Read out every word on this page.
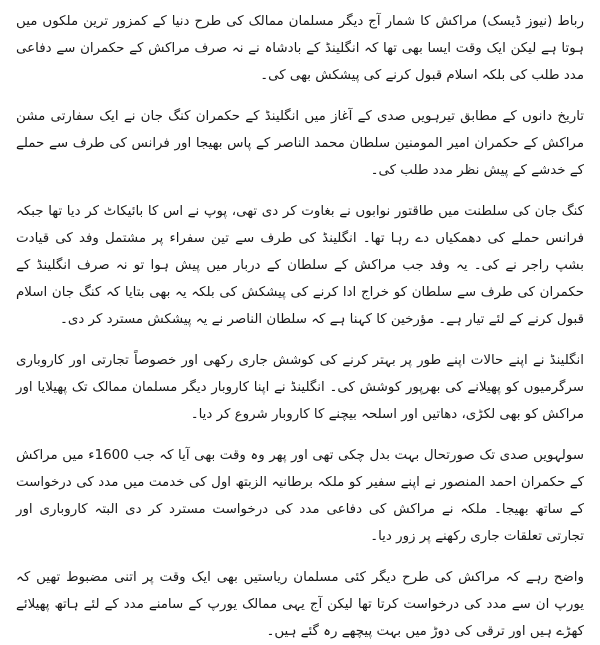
رباط (نیوز ڈیسک) مراکش کا شمار آج دیگر مسلمان ممالک کی طرح دنیا کے کمزور ترین ملکوں میں ہوتا ہے لیکن ایک وقت ایسا بھی تھا کہ انگلینڈ کے بادشاہ نے نہ صرف مراکش کے حکمران سے دفاعی مدد طلب کی بلکہ اسلام قبول کرنے کی پیشکش بھی کی۔

تاریخ دانوں کے مطابق تیرہویں صدی کے آغاز میں انگلینڈ کے حکمران کنگ جان نے ایک سفارتی مشن مراکش کے حکمران امیر المومنین سلطان محمد الناصر کے پاس بھیجا اور فرانس کی طرف سے حملے کے خدشے کے پیش نظر مدد طلب کی۔

کنگ جان کی سلطنت میں طاقتور نوابوں نے بغاوت کر دی تھی، پوپ نے اس کا بائیکاٹ کر دیا تھا جبکہ فرانس حملے کی دھمکیاں دے رہا تھا۔ انگلینڈ کی طرف سے تین سفراء پر مشتمل وفد کی قیادت بشپ راجر نے کی۔ یہ وفد جب مراکش کے سلطان کے دربار میں پیش ہوا تو نہ صرف انگلینڈ کے حکمران کی طرف سے سلطان کو خراج ادا کرنے کی پیشکش کی بلکہ یہ بھی بتایا کہ کنگ جان اسلام قبول کرنے کے لئے تیار ہے۔ مؤرخین کا کہنا ہے کہ سلطان الناصر نے یہ پیشکش مسترد کر دی۔

انگلینڈ نے اپنے حالات اپنے طور پر بہتر کرنے کی کوشش جاری رکھی اور خصوصاً تجارتی اور کاروباری سرگرمیوں کو پھیلانے کی بھرپور کوشش کی۔ انگلینڈ نے اپنا کاروبار دیگر مسلمان ممالک تک پھیلایا اور مراکش کو بھی لکڑی، دھاتیں اور اسلحہ بیچنے کا کاروبار شروع کر دیا۔

سولہویں صدی تک صورتحال بہت بدل چکی تھی اور پھر وہ وقت بھی آیا کہ جب 1600ء میں مراکش کے حکمران احمد المنصور نے اپنے سفیر کو ملکہ برطانیہ الزبتھ اول کی خدمت میں مدد کی درخواست کے ساتھ بھیجا۔ ملکہ نے مراکش کی دفاعی مدد کی درخواست مسترد کر دی البتہ کاروباری اور تجارتی تعلقات جاری رکھنے پر زور دیا۔

واضح رہے کہ مراکش کی طرح دیگر کئی مسلمان ریاستیں بھی ایک وقت پر اتنی مضبوط تھیں کہ یورپ ان سے مدد کی درخواست کرتا تھا لیکن آج یہی ممالک یورپ کے سامنے مدد کے لئے ہاتھ پھیلائے کھڑے ہیں اور ترقی کی دوڑ میں بہت پیچھے رہ گئے ہیں۔
